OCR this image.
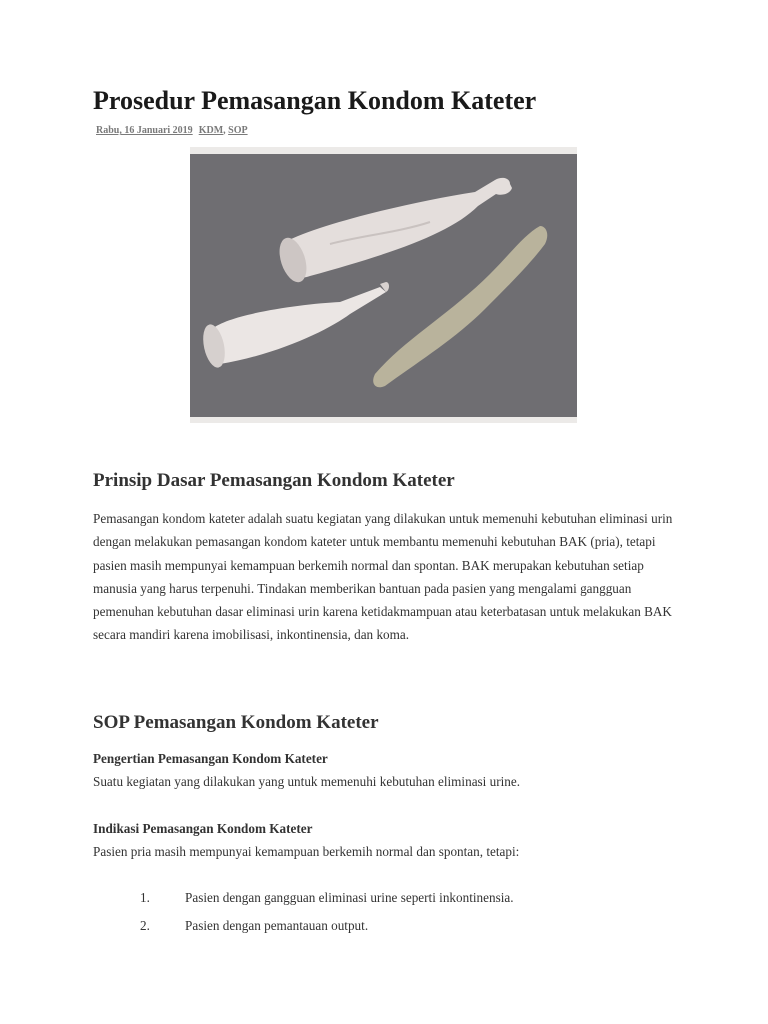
Prosedur Pemasangan Kondom Kateter
Rabu, 16 Januari 2019 KDM, SOP
Prinsip Dasar Pemasangan Kondom Kateter

Pemasangan kondom kateter adalah suatu kegiatan yang dilakukan untuk memenuhi kebutuhan eliminasi urin dengan melakukan pemasangan kondom kateter untuk membantu memenuhi kebutuhan BAK (pria), tetapi pasien masih mempunyai kemampuan berkemih normal dan spontan. BAK merupakan kebutuhan setiap manusia yang harus terpenuhi. Tindakan memberikan bantuan pada pasien yang mengalami gangguan pemenuhan kebutuhan dasar eliminasi urin karena ketidakmampuan atau keterbatasan untuk melakukan BAK secara mandiri karena imobilisasi, inkontinensia, dan koma.

SOP Pemasangan Kondom Kateter
Pengertian Pemasangan Kondom Kateter
Suatu kegiatan yang dilakukan yang untuk memenuhi kebutuhan eliminasi urine.
Indikasi Pemasangan Kondom Kateter
Pasien pria masih mempunyai kemampuan berkemih normal dan spontan, tetapi:
1.	Pasien dengan gangguan eliminasi urine seperti inkontinensia.
2.	Pasien dengan pemantauan output.
